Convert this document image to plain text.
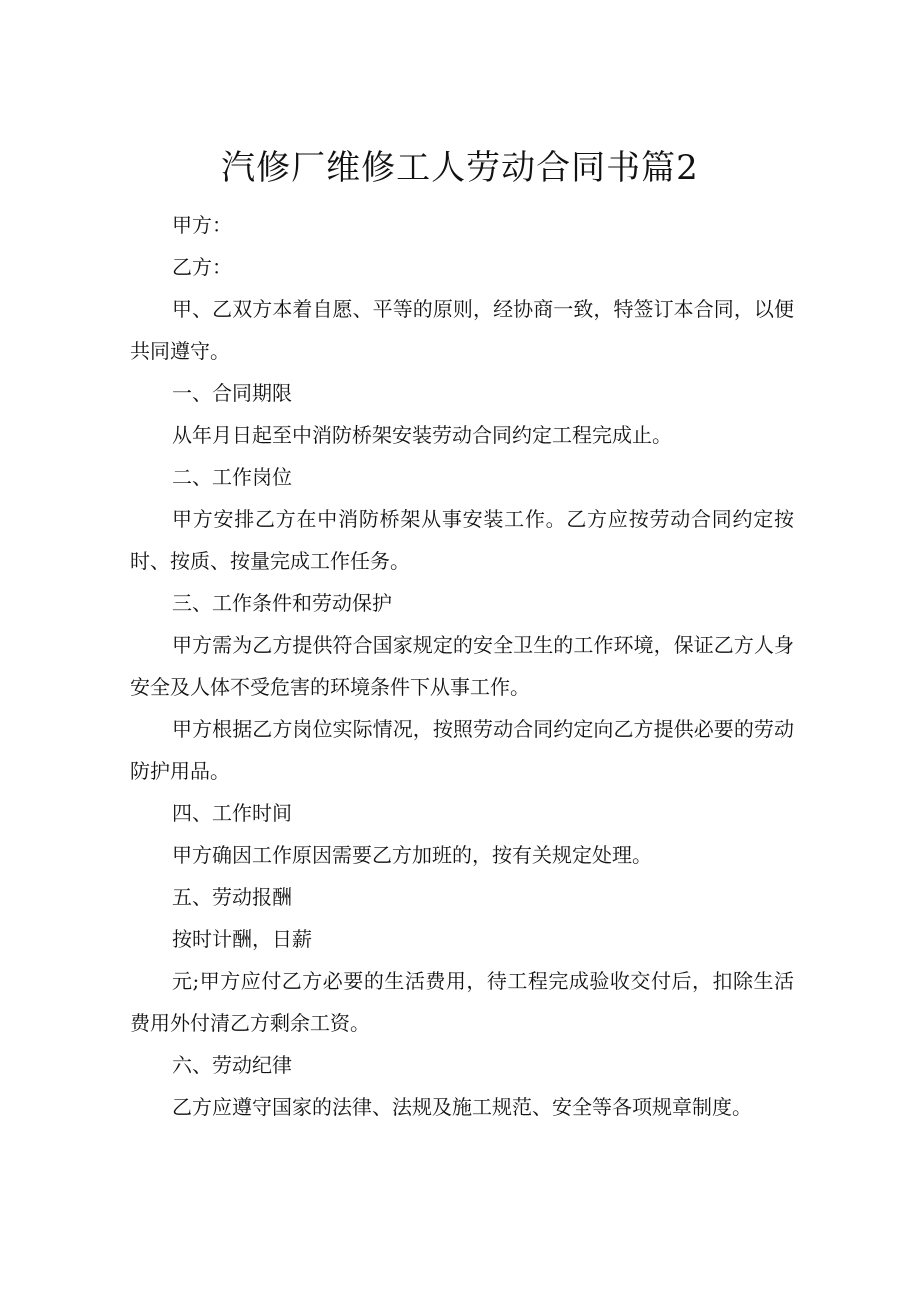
汽修厂维修工人劳动合同书篇2

甲方：

乙方：

甲、乙双方本着自愿、平等的原则，经协商一致，特签订本合同，以便共同遵守。

一、合同期限

从年月日起至中消防桥架安装劳动合同约定工程完成止。

二、工作岗位

甲方安排乙方在中消防桥架从事安装工作。乙方应按劳动合同约定按时、按质、按量完成工作任务。

三、工作条件和劳动保护

甲方需为乙方提供符合国家规定的安全卫生的工作环境，保证乙方人身安全及人体不受危害的环境条件下从事工作。

甲方根据乙方岗位实际情况，按照劳动合同约定向乙方提供必要的劳动防护用品。

四、工作时间

甲方确因工作原因需要乙方加班的，按有关规定处理。

五、劳动报酬

按时计酬，日薪

元;甲方应付乙方必要的生活费用，待工程完成验收交付后，扣除生活费用外付清乙方剩余工资。

六、劳动纪律

乙方应遵守国家的法律、法规及施工规范、安全等各项规章制度。
